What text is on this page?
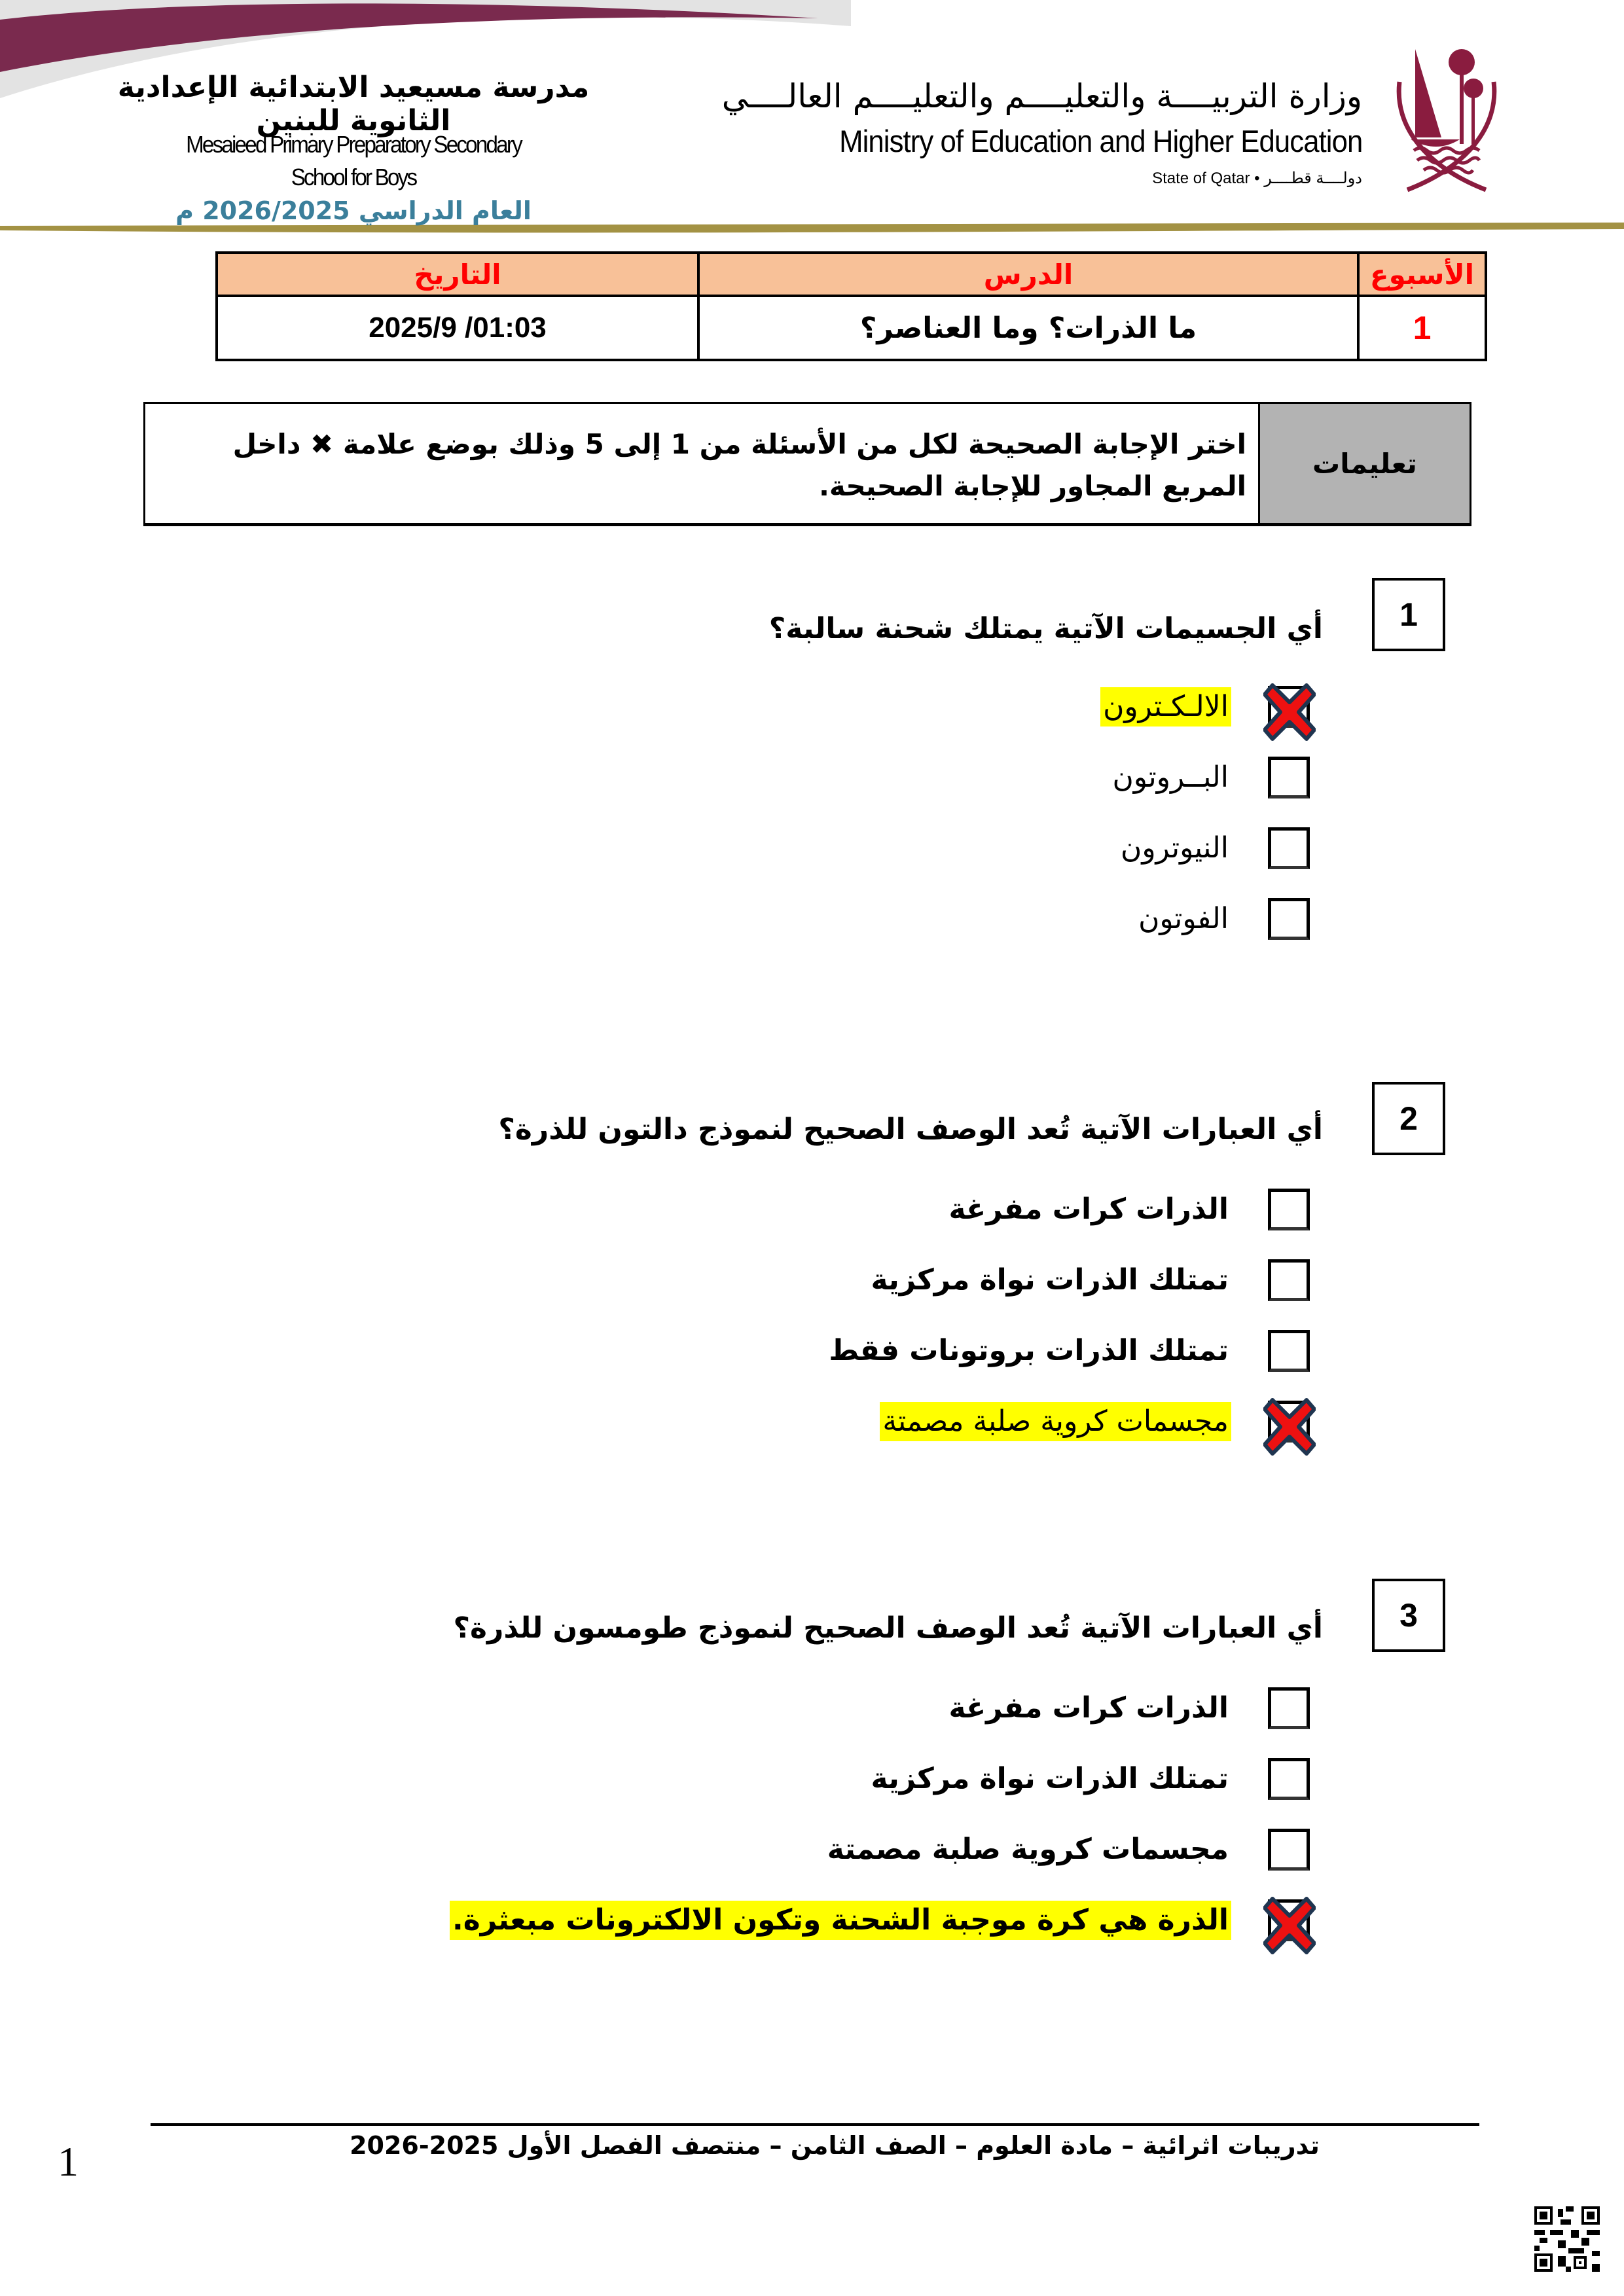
مدرسة مسيعيد الابتدائية الإعدادية الثانوية للبنين
Mesaieed Primary Preparatory Secondary
School for Boys
العام الدراسي 2026/2025 م
وزارة التربيــــة والتعليــــم والتعليــــم العالــــي
Ministry of Education and Higher Education
State of Qatar • دولــــة قطــــر
الأسبوع	الدرس	التاريخ
1	ما الذرات؟ وما العناصر؟	2025/9 /01:03
تعليمات
اختر الإجابة الصحيحة لكل من الأسئلة من 1 إلى 5 وذلك بوضع علامة ✖ داخل المربع المجاور للإجابة الصحيحة.
1
أي الجسيمات الآتية يمتلك شحنة سالبة؟
الالـكـترون
البــروتون
النيوترون
الفوتون
2
أي العبارات الآتية تُعد الوصف الصحيح لنموذج دالتون للذرة؟
الذرات كرات مفرغة
تمتلك الذرات نواة مركزية
تمتلك الذرات بروتونات فقط
مجسمات كروية صلبة مصمتة
3
أي العبارات الآتية تُعد الوصف الصحيح لنموذج طومسون للذرة؟
الذرات كرات مفرغة
تمتلك الذرات نواة مركزية
مجسمات كروية صلبة مصمتة
الذرة هي كرة موجبة الشحنة وتكون الالكترونات مبعثرة.
تدريبات اثرائية – مادة العلوم – الصف الثامن – منتصف الفصل الأول 2025-2026
1
